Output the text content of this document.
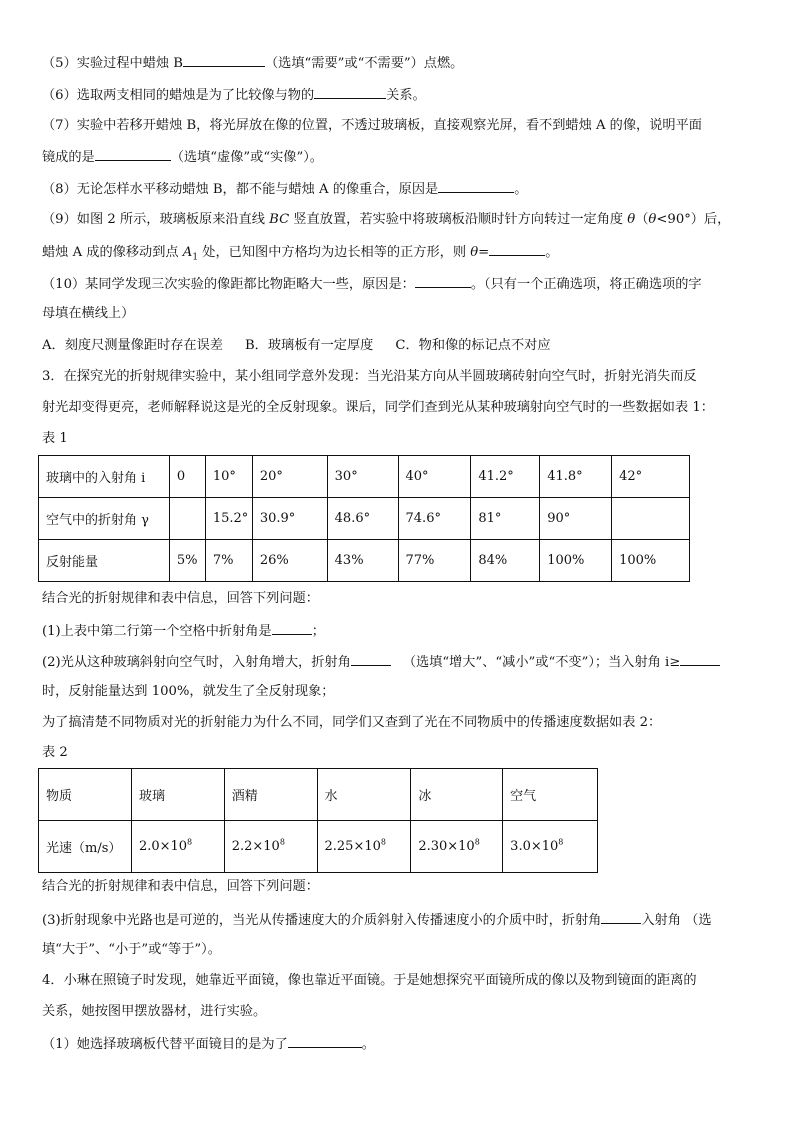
（5）实验过程中蜡烛 B	（选填“需要”或“不需要”）点燃。
（6）选取两支相同的蜡烛是为了比较像与物的	关系。
（7）实验中若移开蜡烛 B，将光屏放在像的位置，不透过玻璃板，直接观察光屏，看不到蜡烛 A 的像，说明平面
镜成的是	（选填“虚像”或“实像”）。
（8）无论怎样水平移动蜡烛 B，都不能与蜡烛 A 的像重合，原因是	。
（9）如图 2 所示，玻璃板原来沿直线 BC 竖直放置，若实验中将玻璃板沿顺时针方向转过一定角度 θ（θ<90°）后，
蜡烛 A 成的像移动到点 $A_1$ 处，已知图中方格均为边长相等的正方形，则 θ=	。
（10）某同学发现三次实验的像距都比物距略大一些，原因是：	。（只有一个正确选项，将正确选项的字
母填在横线上）
A．刻度尺测量像距时存在误差 B．玻璃板有一定厚度 C．物和像的标记点不对应
3．在探究光的折射规律实验中，某小组同学意外发现：当光沿某方向从半圆玻璃砖射向空气时，折射光消失而反
射光却变得更亮，老师解释说这是光的全反射现象。课后，同学们查到光从某种玻璃射向空气时的一些数据如表 1：
表 1
玻璃中的入射角 i	0	10°	20°	30°	40°	41.2°	41.8°	42°
空气中的折射角 γ		15.2°	30.9°	48.6°	74.6°	81°	90°	
反射能量	5%	7%	26%	43%	77%	84%	100%	100%
结合光的折射规律和表中信息，回答下列问题：
(1)上表中第二行第一个空格中折射角是	；
(2)光从这种玻璃斜射向空气时，入射角增大，折射角	（选填“增大”、“减小”或“不变”）；当入射角 i≥
时，反射能量达到 100%，就发生了全反射现象；
为了搞清楚不同物质对光的折射能力为什么不同，同学们又查到了光在不同物质中的传播速度数据如表 2：
表 2
物质	玻璃	酒精	水	冰	空气
光速（m/s）	$2.0\times 10^8$	$2.2\times 10^8$	$2.25\times 10^8$	$2.30\times 10^8$	$3.0\times 10^8$
结合光的折射规律和表中信息，回答下列问题：
(3)折射现象中光路也是可逆的，当光从传播速度大的介质斜射入传播速度小的介质中时，折射角	入射角 （选
填“大于”、“小于”或“等于”）。
4．小琳在照镜子时发现，她靠近平面镜，像也靠近平面镜。于是她想探究平面镜所成的像以及物到镜面的距离的
关系，她按图甲摆放器材，进行实验。
（1）她选择玻璃板代替平面镜目的是为了	。
